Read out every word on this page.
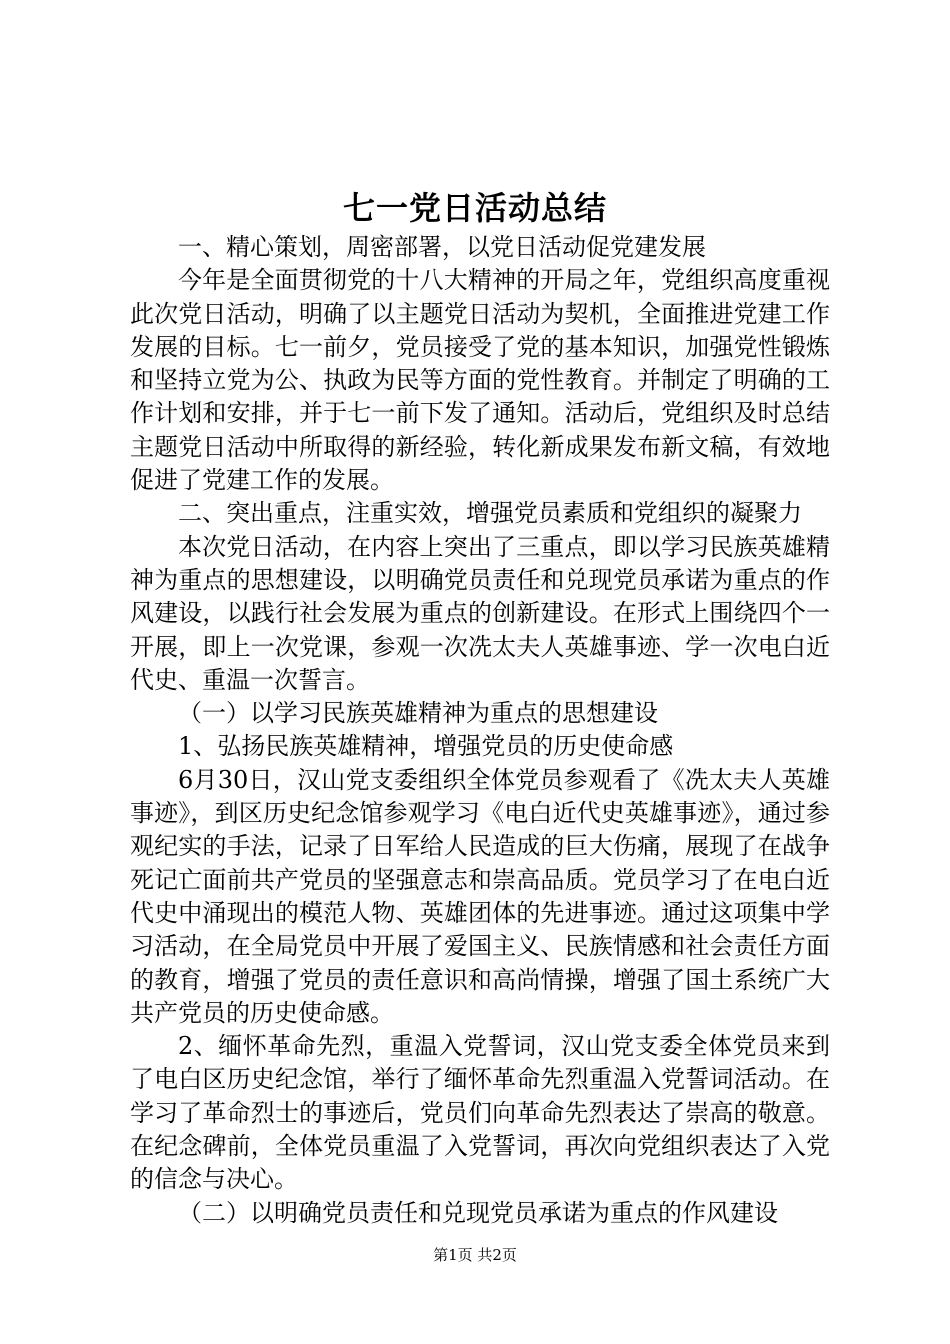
七一党日活动总结

一、精心策划，周密部署，以党日活动促党建发展

今年是全面贯彻党的十八大精神的开局之年，党组织高度重视此次党日活动，明确了以主题党日活动为契机，全面推进党建工作发展的目标。七一前夕，党员接受了党的基本知识，加强党性锻炼和坚持立党为公、执政为民等方面的党性教育。并制定了明确的工作计划和安排，并于七一前下发了通知。活动后，党组织及时总结主题党日活动中所取得的新经验，转化新成果发布新文稿，有效地促进了党建工作的发展。

二、突出重点，注重实效，增强党员素质和党组织的凝聚力

本次党日活动，在内容上突出了三重点，即以学习民族英雄精神为重点的思想建设，以明确党员责任和兑现党员承诺为重点的作风建设，以践行社会发展为重点的创新建设。在形式上围绕四个一开展，即上一次党课，参观一次冼太夫人英雄事迹、学一次电白近代史、重温一次誓言。

（一）以学习民族英雄精神为重点的思想建设

1、弘扬民族英雄精神，增强党员的历史使命感

6月30日，汉山党支委组织全体党员参观看了《冼太夫人英雄事迹》，到区历史纪念馆参观学习《电白近代史英雄事迹》，通过参观纪实的手法，记录了日军给人民造成的巨大伤痛，展现了在战争死记亡面前共产党员的坚强意志和崇高品质。党员学习了在电白近代史中涌现出的模范人物、英雄团体的先进事迹。通过这项集中学习活动，在全局党员中开展了爱国主义、民族情感和社会责任方面的教育，增强了党员的责任意识和高尚情操，增强了国土系统广大共产党员的历史使命感。

2、缅怀革命先烈，重温入党誓词，汉山党支委全体党员来到了电白区历史纪念馆，举行了缅怀革命先烈重温入党誓词活动。在学习了革命烈士的事迹后，党员们向革命先烈表达了崇高的敬意。在纪念碑前，全体党员重温了入党誓词，再次向党组织表达了入党的信念与决心。

（二）以明确党员责任和兑现党员承诺为重点的作风建设

第1页 共2页
